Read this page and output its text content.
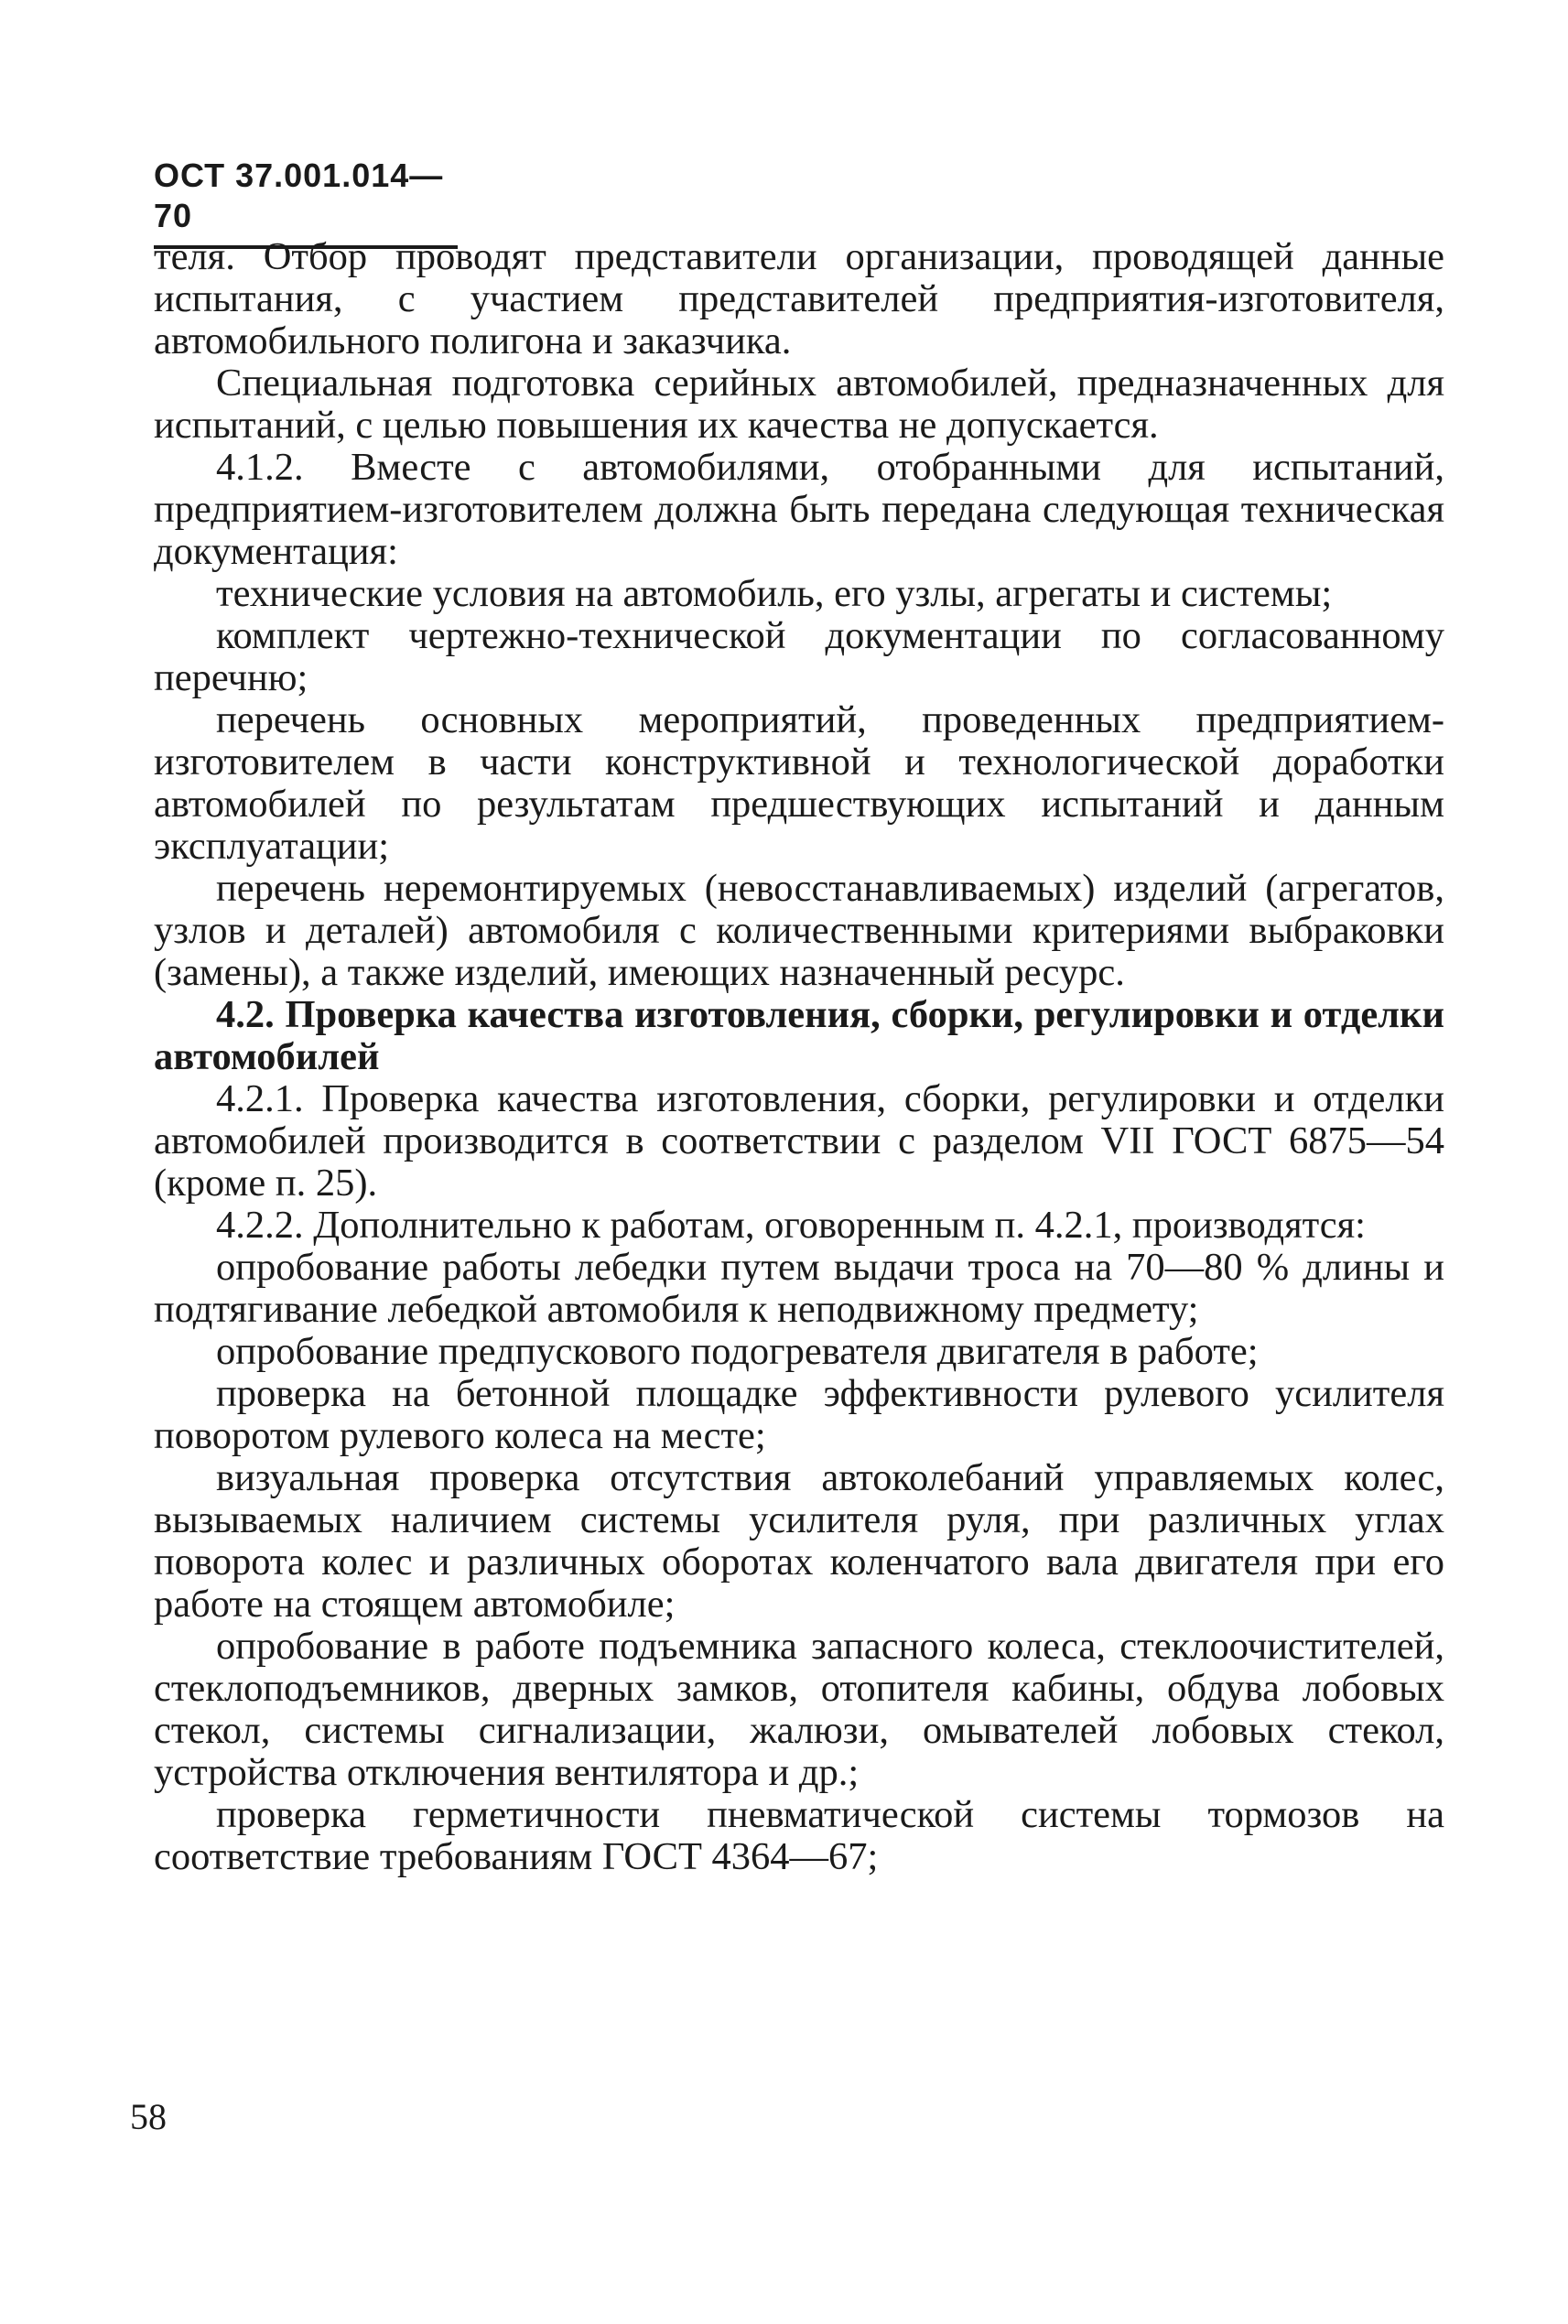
ОСТ 37.001.014—70

теля. Отбор проводят представители организации, проводящей данные испытания, с участием представителей предприятия-изготовителя, автомобильного полигона и заказчика.

Специальная подготовка серийных автомобилей, предназначенных для испытаний, с целью повышения их качества не допускается.

4.1.2. Вместе с автомобилями, отобранными для испытаний, предприятием-изготовителем должна быть передана следующая техническая документация:

технические условия на автомобиль, его узлы, агрегаты и системы;

комплект чертежно-технической документации по согласованному перечню;

перечень основных мероприятий, проведенных предприятием-изготовителем в части конструктивной и технологической доработки автомобилей по результатам предшествующих испытаний и данным эксплуатации;

перечень неремонтируемых (невосстанавливаемых) изделий (агрегатов, узлов и деталей) автомобиля с количественными критериями выбраковки (замены), а также изделий, имеющих назначенный ресурс.

4.2. Проверка качества изготовления, сборки, регулировки и отделки автомобилей

4.2.1. Проверка качества изготовления, сборки, регулировки и отделки автомобилей производится в соответствии с разделом VII ГОСТ 6875—54 (кроме п. 25).

4.2.2. Дополнительно к работам, оговоренным п. 4.2.1, производятся:

опробование работы лебедки путем выдачи троса на 70—80 % длины и подтягивание лебедкой автомобиля к неподвижному предмету;

опробование предпускового подогревателя двигателя в работе;

проверка на бетонной площадке эффективности рулевого усилителя поворотом рулевого колеса на месте;

визуальная проверка отсутствия автоколебаний управляемых колес, вызываемых наличием системы усилителя руля, при различных углах поворота колес и различных оборотах коленчатого вала двигателя при его работе на стоящем автомобиле;

опробование в работе подъемника запасного колеса, стеклоочистителей, стеклоподъемников, дверных замков, отопителя кабины, обдува лобовых стекол, системы сигнализации, жалюзи, омывателей лобовых стекол, устройства отключения вентилятора и др.;

проверка герметичности пневматической системы тормозов на соответствие требованиям ГОСТ 4364—67;

58
